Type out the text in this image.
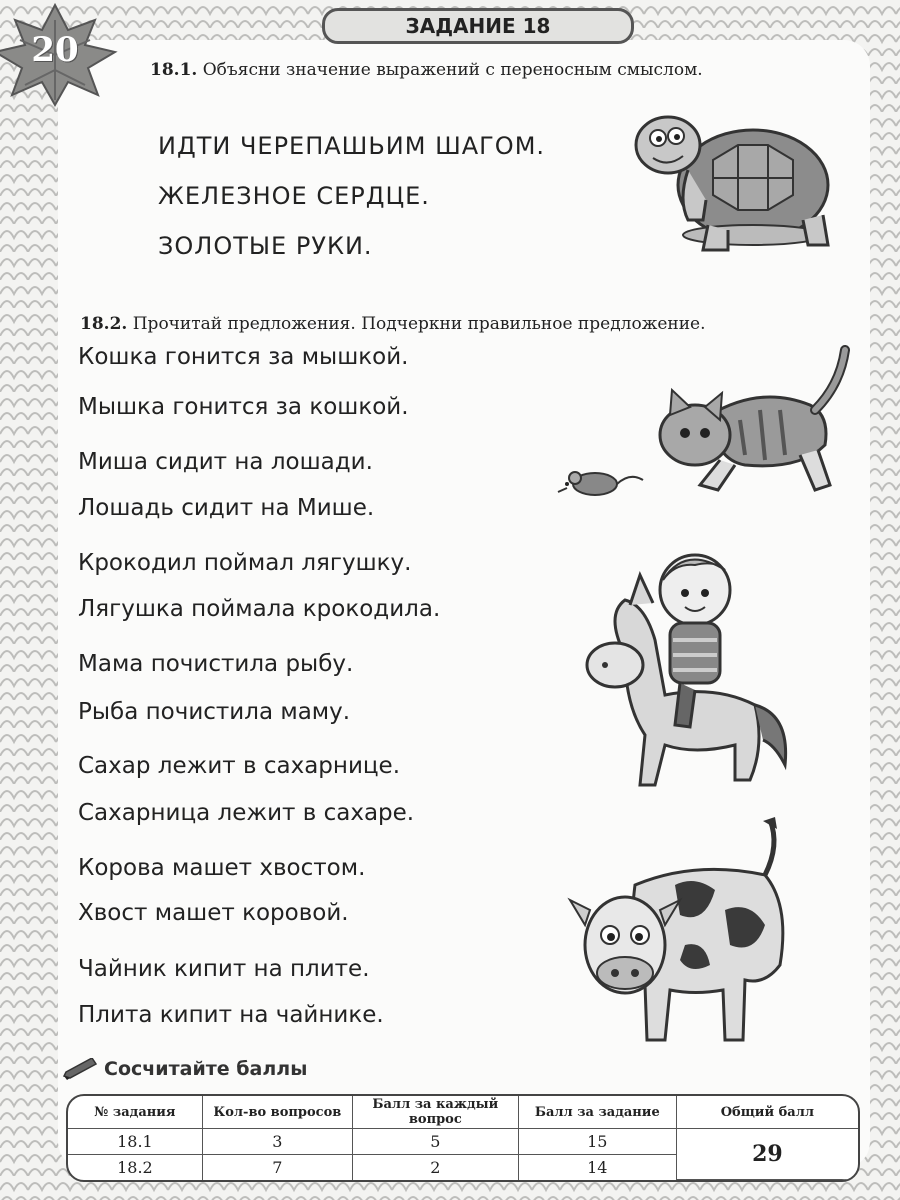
20
ЗАДАНИЕ 18
18.1. Объясни значение выражений с переносным смыслом.
ИДТИ ЧЕРЕПАШЬИМ ШАГОМ.
ЖЕЛЕЗНОЕ СЕРДЦЕ.
ЗОЛОТЫЕ РУКИ.
18.2. Прочитай предложения. Подчеркни правильное предложение.
Кошка гонится за мышкой.
Мышка гонится за кошкой.
Миша сидит на лошади.
Лошадь сидит на Мише.
Крокодил поймал лягушку.
Лягушка поймала крокодила.
Мама почистила рыбу.
Рыба почистила маму.
Сахар лежит в сахарнице.
Сахарница лежит в сахаре.
Корова машет хвостом.
Хвост машет коровой.
Чайник кипит на плите.
Плита кипит на чайнике.
Сосчитайте баллы
№ задания	Кол-во вопросов	Балл за каждый вопрос	Балл за задание	Общий балл
18.1	3	5	15	29
18.2	7	2	14	
